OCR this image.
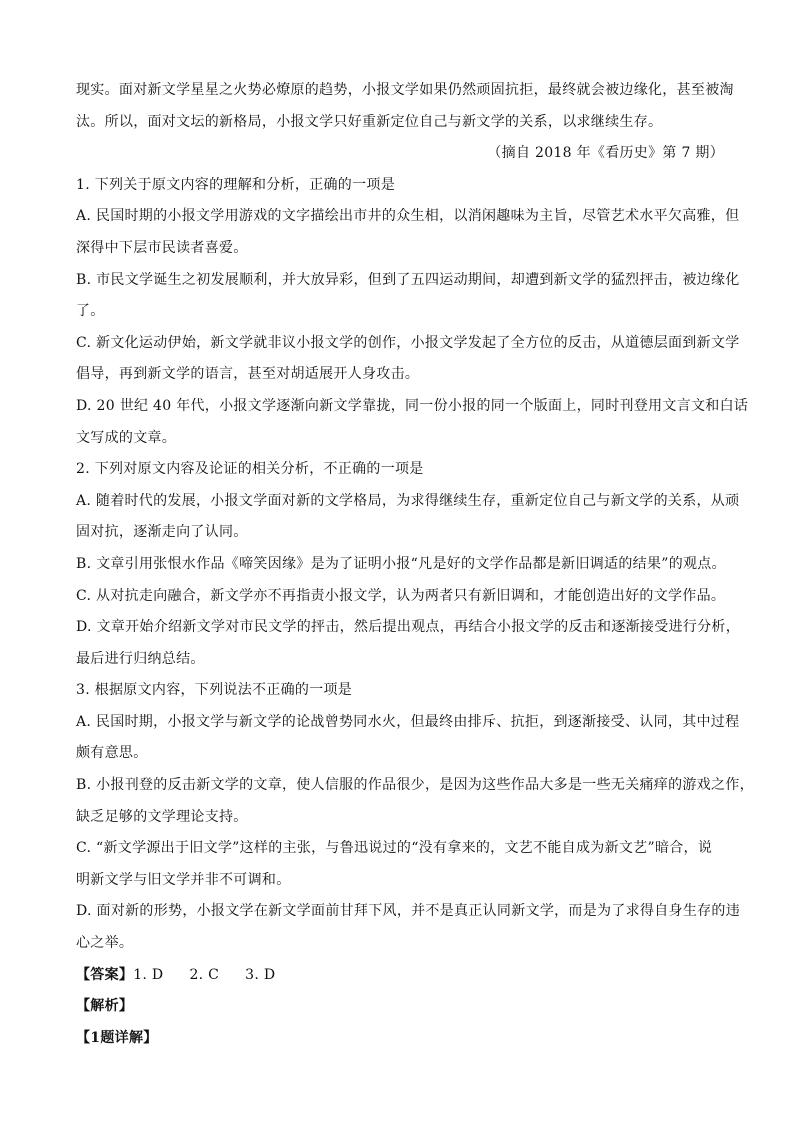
现实。面对新文学星星之火势必燎原的趋势，小报文学如果仍然顽固抗拒，最终就会被边缘化，甚至被淘
汰。所以，面对文坛的新格局，小报文学只好重新定位自己与新文学的关系，以求继续生存。
（摘自 2018 年《看历史》第 7 期）
1. 下列关于原文内容的理解和分析，正确的一项是
A. 民国时期的小报文学用游戏的文字描绘出市井的众生相，以消闲趣味为主旨，尽管艺术水平欠高雅，但
深得中下层市民读者喜爱。
B. 市民文学诞生之初发展顺利，并大放异彩，但到了五四运动期间，却遭到新文学的猛烈抨击，被边缘化
了。
C. 新文化运动伊始，新文学就非议小报文学的创作，小报文学发起了全方位的反击，从道德层面到新文学
倡导，再到新文学的语言，甚至对胡适展开人身攻击。
D. 20 世纪 40 年代，小报文学逐渐向新文学靠拢，同一份小报的同一个版面上，同时刊登用文言文和白话
文写成的文章。
2. 下列对原文内容及论证的相关分析，不正确的一项是
A. 随着时代的发展，小报文学面对新的文学格局，为求得继续生存，重新定位自己与新文学的关系，从顽
固对抗，逐渐走向了认同。
B. 文章引用张恨水作品《啼笑因缘》是为了证明小报“凡是好的文学作品都是新旧调适的结果”的观点。
C. 从对抗走向融合，新文学亦不再指责小报文学，认为两者只有新旧调和，才能创造出好的文学作品。
D. 文章开始介绍新文学对市民文学的抨击，然后提出观点，再结合小报文学的反击和逐渐接受进行分析，
最后进行归纳总结。
3. 根据原文内容，下列说法不正确的一项是
A. 民国时期，小报文学与新文学的论战曾势同水火，但最终由排斥、抗拒，到逐渐接受、认同，其中过程
颇有意思。
B. 小报刊登的反击新文学的文章，使人信服的作品很少，是因为这些作品大多是一些无关痛痒的游戏之作，
缺乏足够的文学理论支持。
C. “新文学源出于旧文学”这样的主张，与鲁迅说过的“没有拿来的，文艺不能自成为新文艺”暗合，说
明新文学与旧文学并非不可调和。
D. 面对新的形势，小报文学在新文学面前甘拜下风，并不是真正认同新文学，而是为了求得自身生存的违
心之举。
【答案】1. D 2. C 3. D
【解析】
【1题详解】
